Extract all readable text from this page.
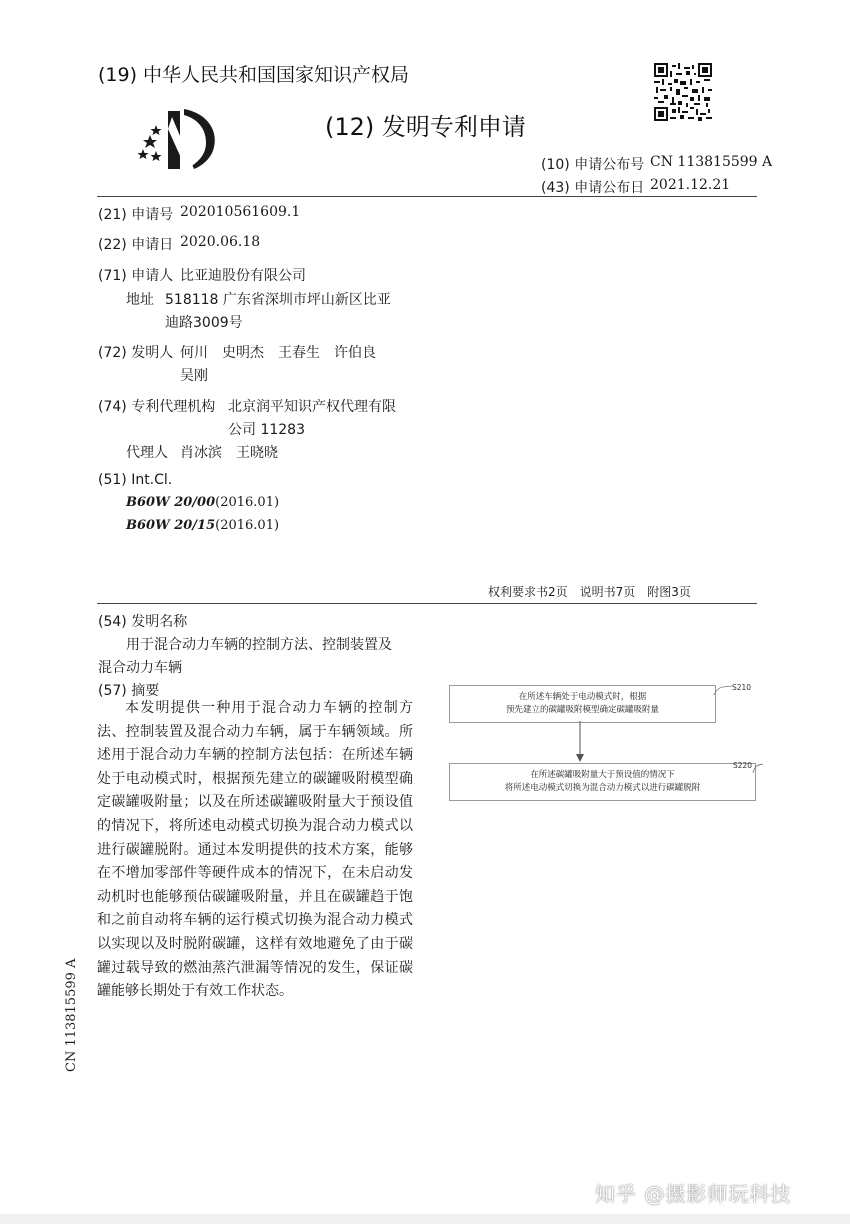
(19) 中华人民共和国国家知识产权局
(12) 发明专利申请
(10) 申请公布号 CN 113815599 A
(43) 申请公布日 2021.12.21
(21) 申请号 202010561609.1
(22) 申请日 2020.06.18
(71) 申请人 比亚迪股份有限公司
地址 518118 广东省深圳市坪山新区比亚
迪路3009号
(72) 发明人 何川　史明杰　王春生　许伯良
吴刚
(74) 专利代理机构 北京润平知识产权代理有限
公司 11283
代理人 肖冰滨　王晓晓
(51) Int.Cl.
B60W 20/00(2016.01)
B60W 20/15(2016.01)
权利要求书2页　说明书7页　附图3页
(54) 发明名称
用于混合动力车辆的控制方法、控制装置及
混合动力车辆
(57) 摘要
本发明提供一种用于混合动力车辆的控制方法、控制装置及混合动力车辆，属于车辆领域。所述用于混合动力车辆的控制方法包括：在所述车辆处于电动模式时，根据预先建立的碳罐吸附模型确定碳罐吸附量；以及在所述碳罐吸附量大于预设值的情况下，将所述电动模式切换为混合动力模式以进行碳罐脱附。通过本发明提供的技术方案，能够在不增加零部件等硬件成本的情况下，在未启动发动机时也能够预估碳罐吸附量，并且在碳罐趋于饱和之前自动将车辆的运行模式切换为混合动力模式以实现以及时脱附碳罐，这样有效地避免了由于碳罐过载导致的燃油蒸汽泄漏等情况的发生，保证碳罐能够长期处于有效工作状态。
在所述车辆处于电动模式时，根据
预先建立的碳罐吸附模型确定碳罐吸附量
S210
在所述碳罐吸附量大于预设值的情况下
将所述电动模式切换为混合动力模式以进行碳罐脱附
S220
CN 113815599 A
知乎 @摄影师玩科技
